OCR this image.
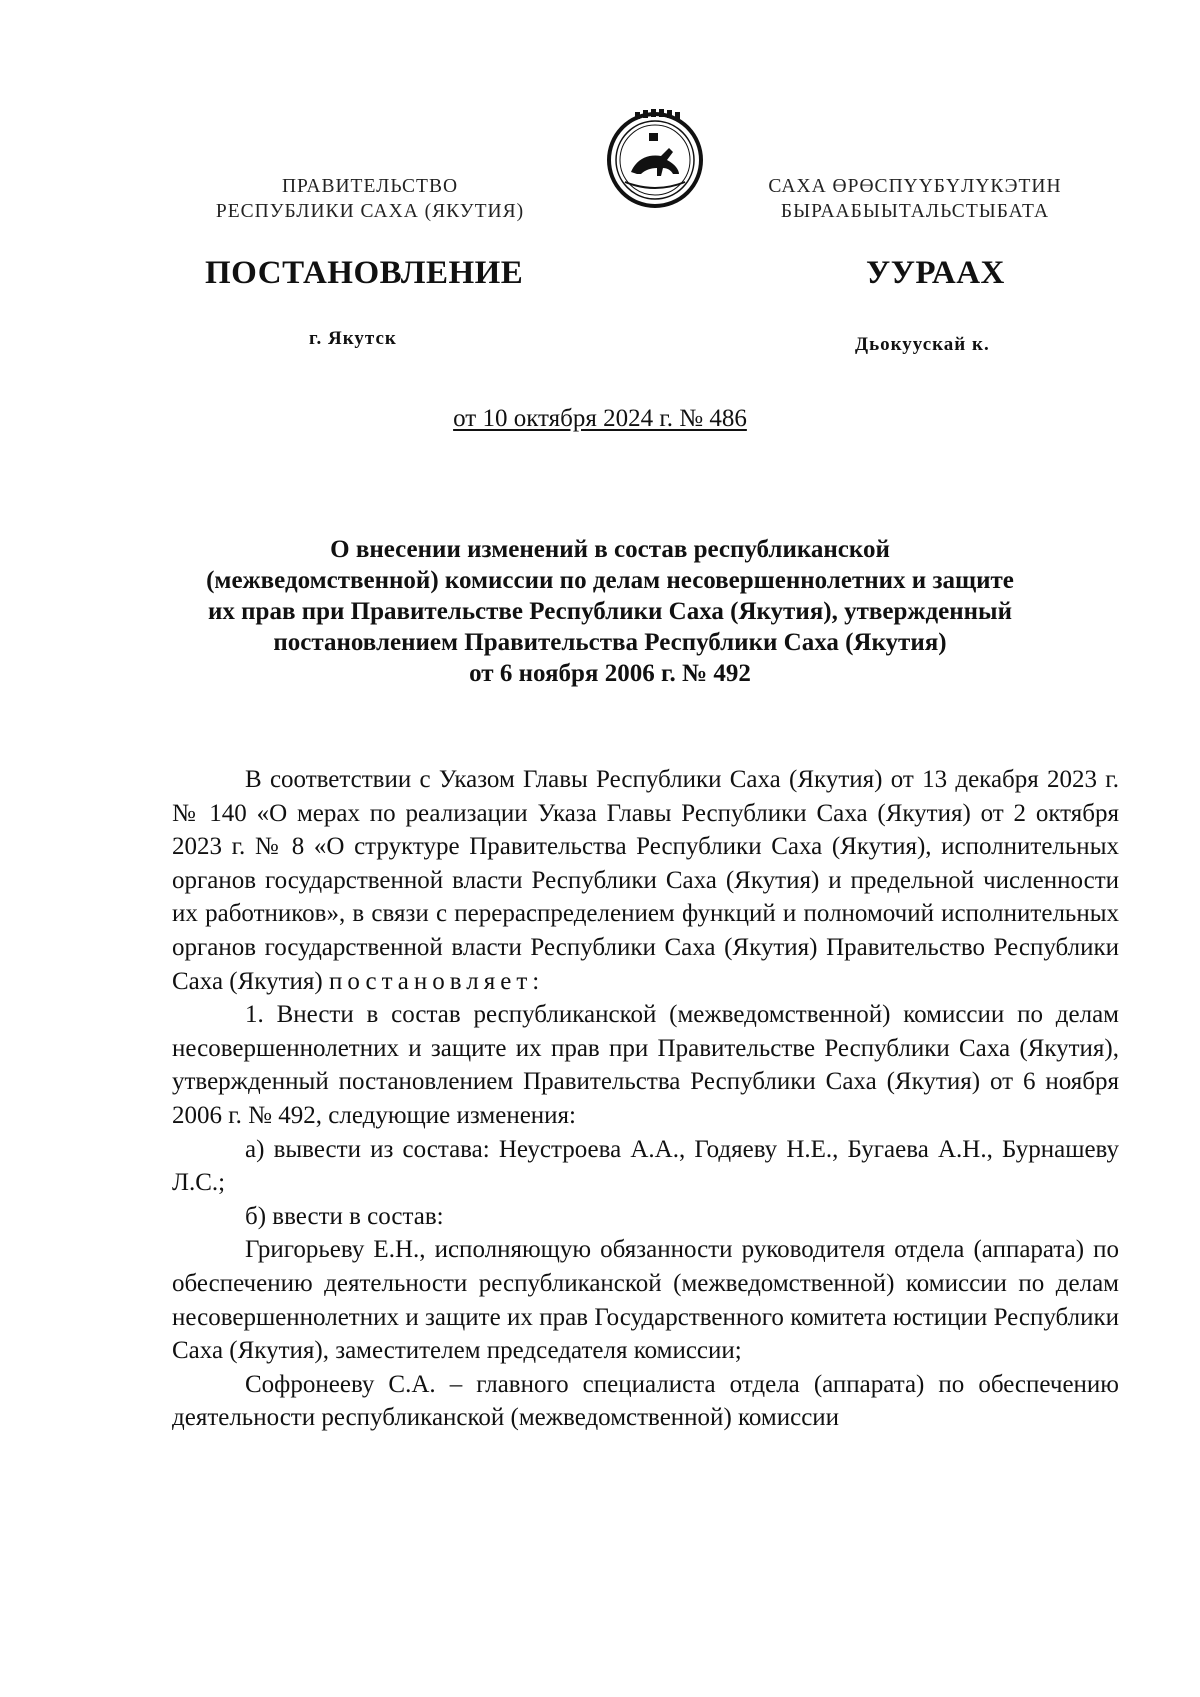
ПРАВИТЕЛЬСТВО
РЕСПУБЛИКИ САХА (ЯКУТИЯ)
САХА ӨРӨСПҮҮБҮЛҮКЭТИН
БЫРААБЫЫТАЛЬСТЫБАТА
ПОСТАНОВЛЕНИЕ	УУРААХ
г. Якутск	Дьокуускай к.
от 10 октября 2024 г. № 486
О внесении изменений в состав республиканской
(межведомственной) комиссии по делам несовершеннолетних и защите
их прав при Правительстве Республики Саха (Якутия), утвержденный
постановлением Правительства Республики Саха (Якутия)
от 6 ноября 2006 г. № 492

В соответствии с Указом Главы Республики Саха (Якутия) от 13 декабря 2023 г. № 140 «О мерах по реализации Указа Главы Республики Саха (Якутия) от 2 октября 2023 г. № 8 «О структуре Правительства Республики Саха (Якутия), исполнительных органов государственной власти Республики Саха (Якутия) и предельной численности их работников», в связи с перераспределением функций и полномочий исполнительных органов государственной власти Республики Саха (Якутия) Правительство Республики Саха (Якутия) постановляет:

1. Внести в состав республиканской (межведомственной) комиссии по делам несовершеннолетних и защите их прав при Правительстве Республики Саха (Якутия), утвержденный постановлением Правительства Республики Саха (Якутия) от 6 ноября 2006 г. № 492, следующие изменения:

а) вывести из состава: Неустроева А.А., Годяеву Н.Е., Бугаева А.Н., Бурнашеву Л.С.;

б) ввести в состав:

Григорьеву Е.Н., исполняющую обязанности руководителя отдела (аппарата) по обеспечению деятельности республиканской (межведомственной) комиссии по делам несовершеннолетних и защите их прав Государственного комитета юстиции Республики Саха (Якутия), заместителем председателя комиссии;

Софронееву С.А. – главного специалиста отдела (аппарата) по обеспечению деятельности республиканской (межведомственной) комиссии
